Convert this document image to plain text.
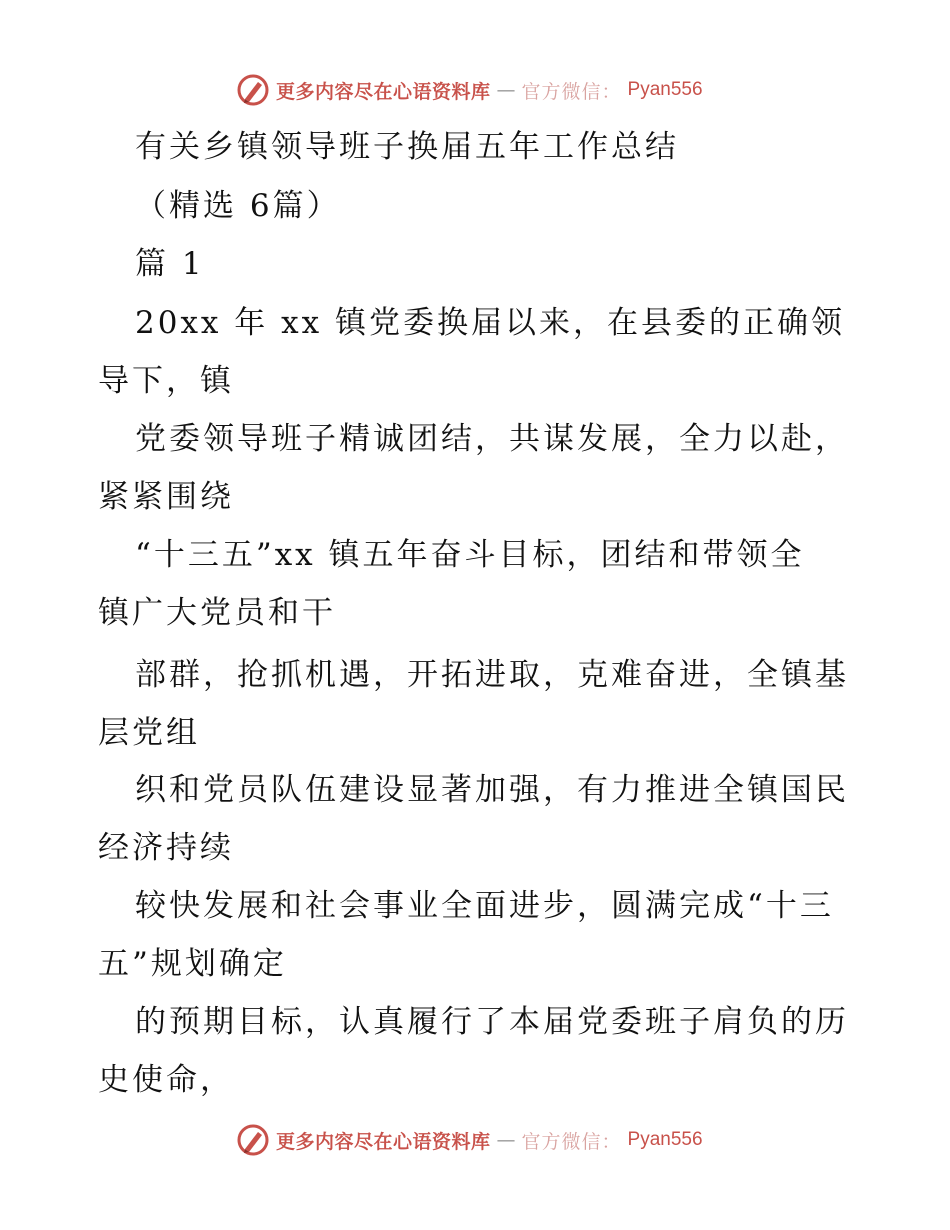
更多内容尽在心语资料库 — 官方微信： Pyan556
有关乡镇领导班子换届五年工作总结
（精选 6篇）
篇 1
20xx 年 xx 镇党委换届以来，在县委的正确领
导下，镇
党委领导班子精诚团结，共谋发展，全力以赴，
紧紧围绕
“十三五”xx 镇五年奋斗目标，团结和带领全
镇广大党员和干
部群，抢抓机遇，开拓进取，克难奋进，全镇基
层党组
织和党员队伍建设显著加强，有力推进全镇国民
经济持续
较快发展和社会事业全面进步，圆满完成“十三
五”规划确定
的预期目标，认真履行了本届党委班子肩负的历
史使命，
更多内容尽在心语资料库 — 官方微信： Pyan556
